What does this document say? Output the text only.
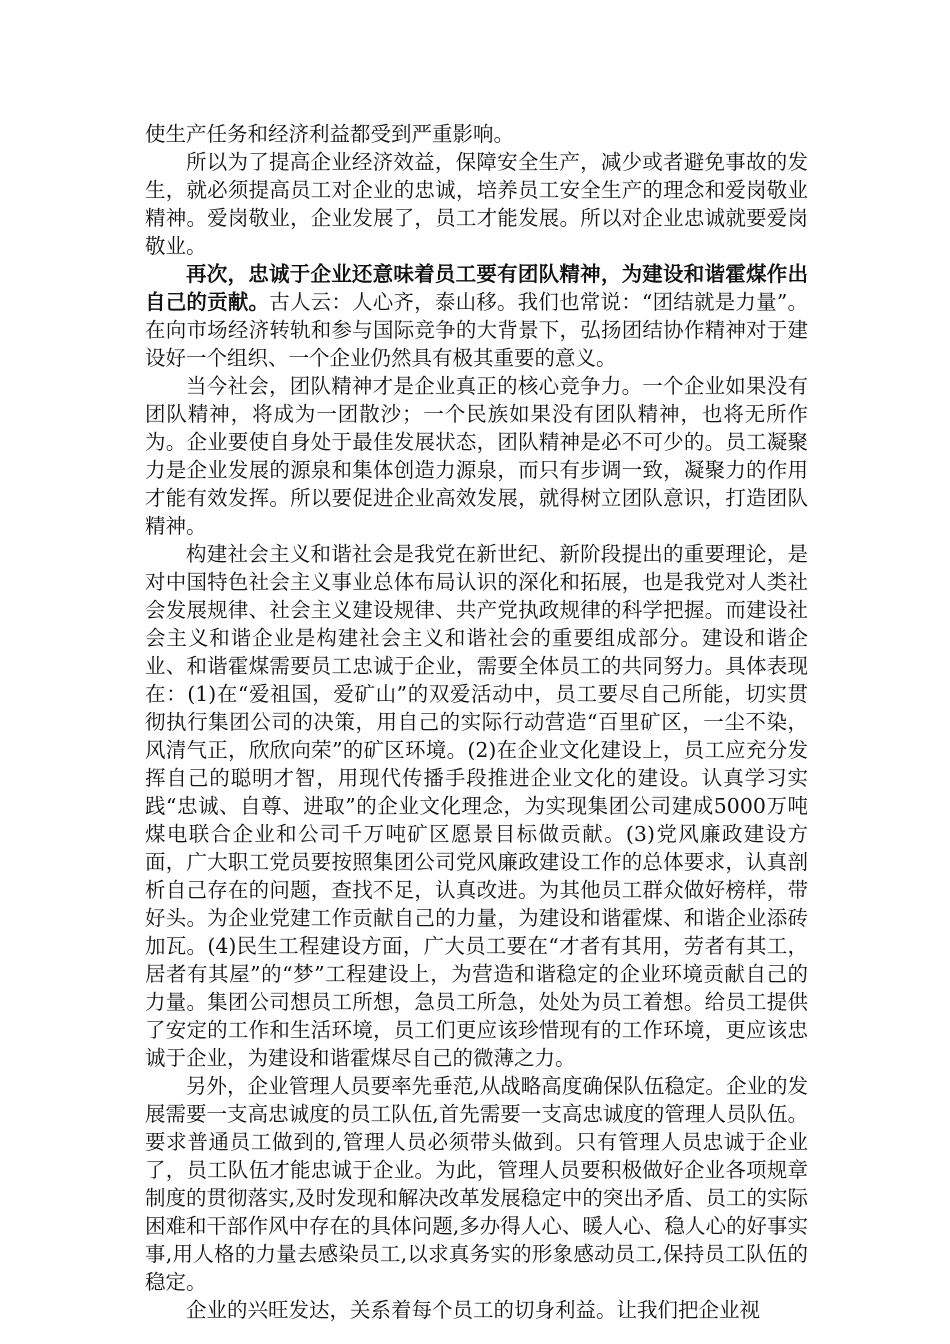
使生产任务和经济利益都受到严重影响。

所以为了提高企业经济效益，保障安全生产，减少或者避免事故的发生，就必须提高员工对企业的忠诚，培养员工安全生产的理念和爱岗敬业精神。爱岗敬业，企业发展了，员工才能发展。所以对企业忠诚就要爱岗敬业。

再次，忠诚于企业还意味着员工要有团队精神，为建设和谐霍煤作出自己的贡献。古人云：人心齐，泰山移。我们也常说：“团结就是力量”。在向市场经济转轨和参与国际竞争的大背景下，弘扬团结协作精神对于建设好一个组织、一个企业仍然具有极其重要的意义。

当今社会，团队精神才是企业真正的核心竞争力。一个企业如果没有团队精神，将成为一团散沙；一个民族如果没有团队精神，也将无所作为。企业要使自身处于最佳发展状态，团队精神是必不可少的。员工凝聚力是企业发展的源泉和集体创造力源泉，而只有步调一致，凝聚力的作用才能有效发挥。所以要促进企业高效发展，就得树立团队意识，打造团队精神。

构建社会主义和谐社会是我党在新世纪、新阶段提出的重要理论，是对中国特色社会主义事业总体布局认识的深化和拓展，也是我党对人类社会发展规律、社会主义建设规律、共产党执政规律的科学把握。而建设社会主义和谐企业是构建社会主义和谐社会的重要组成部分。建设和谐企业、和谐霍煤需要员工忠诚于企业，需要全体员工的共同努力。具体表现在：(1)在“爱祖国，爱矿山”的双爱活动中，员工要尽自己所能，切实贯彻执行集团公司的决策，用自己的实际行动营造“百里矿区，一尘不染，风清气正，欣欣向荣”的矿区环境。(2)在企业文化建设上，员工应充分发挥自己的聪明才智，用现代传播手段推进企业文化的建设。认真学习实践“忠诚、自尊、进取”的企业文化理念，为实现集团公司建成5000万吨煤电联合企业和公司千万吨矿区愿景目标做贡献。(3)党风廉政建设方面，广大职工党员要按照集团公司党风廉政建设工作的总体要求，认真剖析自己存在的问题，查找不足，认真改进。为其他员工群众做好榜样，带好头。为企业党建工作贡献自己的力量，为建设和谐霍煤、和谐企业添砖加瓦。(4)民生工程建设方面，广大员工要在“才者有其用，劳者有其工，居者有其屋”的“梦”工程建设上，为营造和谐稳定的企业环境贡献自己的力量。集团公司想员工所想，急员工所急，处处为员工着想。给员工提供了安定的工作和生活环境，员工们更应该珍惜现有的工作环境，更应该忠诚于企业，为建设和谐霍煤尽自己的微薄之力。

另外，企业管理人员要率先垂范,从战略高度确保队伍稳定。企业的发展需要一支高忠诚度的员工队伍,首先需要一支高忠诚度的管理人员队伍。要求普通员工做到的,管理人员必须带头做到。只有管理人员忠诚于企业了，员工队伍才能忠诚于企业。为此，管理人员要积极做好企业各项规章制度的贯彻落实,及时发现和解决改革发展稳定中的突出矛盾、员工的实际困难和干部作风中存在的具体问题,多办得人心、暖人心、稳人心的好事实事,用人格的力量去感染员工,以求真务实的形象感动员工,保持员工队伍的稳定。

企业的兴旺发达，关系着每个员工的切身利益。让我们把企业视
